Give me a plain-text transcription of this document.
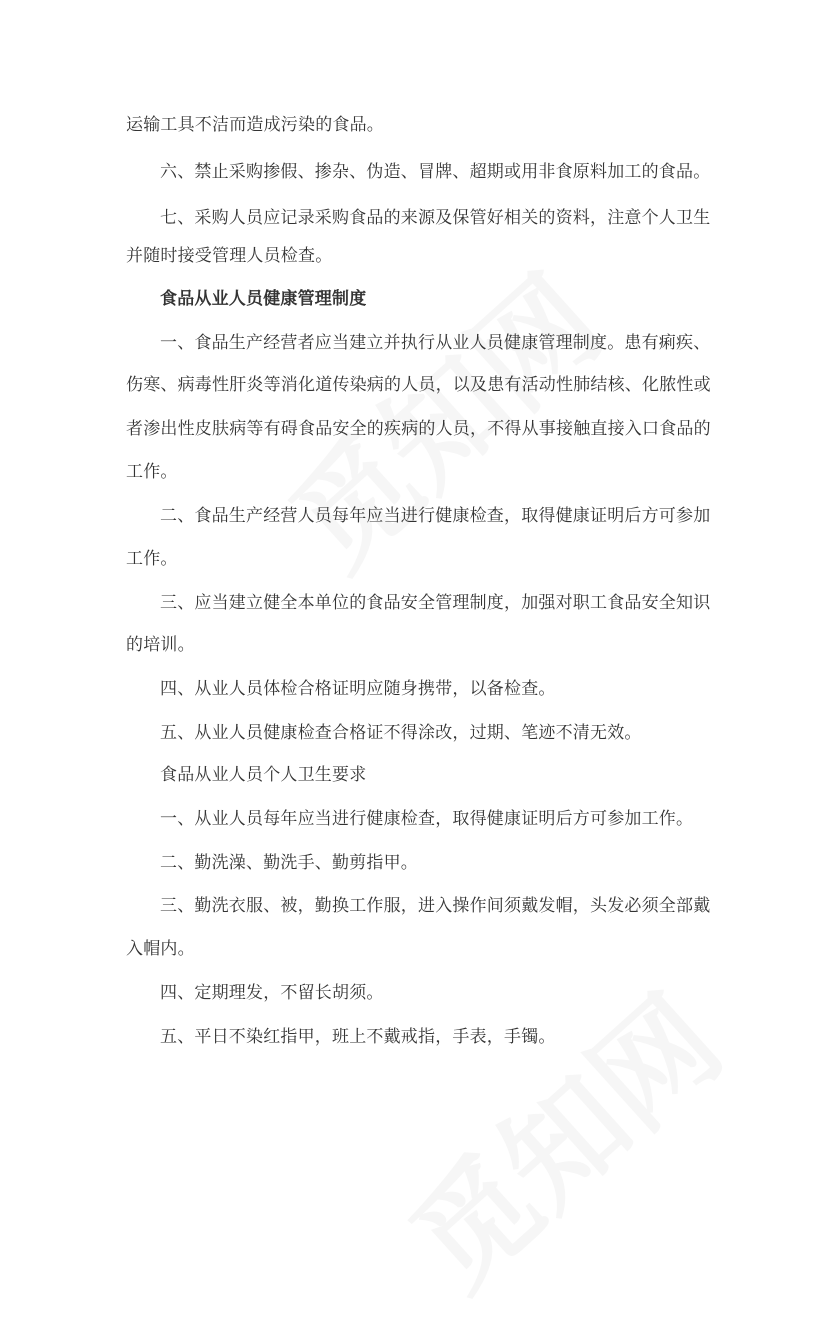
运输工具不洁而造成污染的食品。
六、禁止采购掺假、掺杂、伪造、冒牌、超期或用非食原料加工的食品。
七、采购人员应记录采购食品的来源及保管好相关的资料，注意个人卫生
并随时接受管理人员检查。
食品从业人员健康管理制度
一、食品生产经营者应当建立并执行从业人员健康管理制度。患有痢疾、
伤寒、病毒性肝炎等消化道传染病的人员，以及患有活动性肺结核、化脓性或
者渗出性皮肤病等有碍食品安全的疾病的人员，不得从事接触直接入口食品的
工作。
二、食品生产经营人员每年应当进行健康检查，取得健康证明后方可参加
工作。
三、应当建立健全本单位的食品安全管理制度，加强对职工食品安全知识
的培训。
四、从业人员体检合格证明应随身携带，以备检查。
五、从业人员健康检查合格证不得涂改，过期、笔迹不清无效。
食品从业人员个人卫生要求
一、从业人员每年应当进行健康检查，取得健康证明后方可参加工作。
二、勤洗澡、勤洗手、勤剪指甲。
三、勤洗衣服、被，勤换工作服，进入操作间须戴发帽，头发必须全部戴
入帽内。
四、定期理发，不留长胡须。
五、平日不染红指甲，班上不戴戒指，手表，手镯。
